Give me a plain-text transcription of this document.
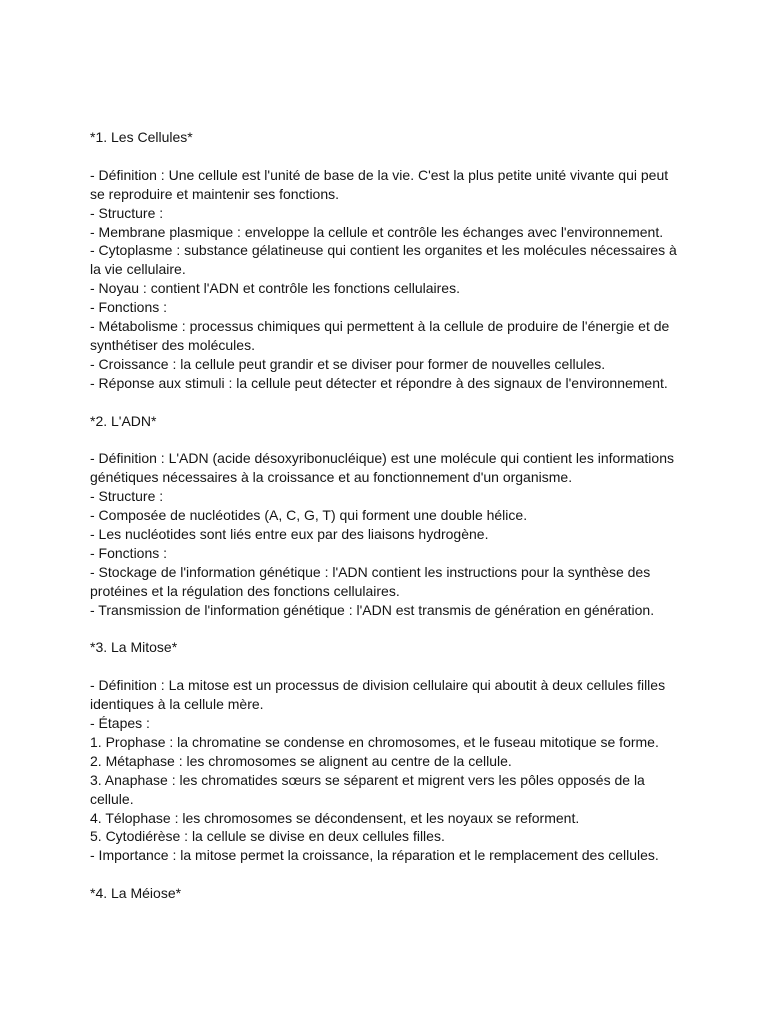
*1. Les Cellules*

- Définition : Une cellule est l'unité de base de la vie. C'est la plus petite unité vivante qui peut se reproduire et maintenir ses fonctions.

- Structure :

- Membrane plasmique : enveloppe la cellule et contrôle les échanges avec l'environnement.

- Cytoplasme : substance gélatineuse qui contient les organites et les molécules nécessaires à la vie cellulaire.

- Noyau : contient l'ADN et contrôle les fonctions cellulaires.

- Fonctions :

- Métabolisme : processus chimiques qui permettent à la cellule de produire de l'énergie et de synthétiser des molécules.

- Croissance : la cellule peut grandir et se diviser pour former de nouvelles cellules.

- Réponse aux stimuli : la cellule peut détecter et répondre à des signaux de l'environnement.

*2. L'ADN*

- Définition : L'ADN (acide désoxyribonucléique) est une molécule qui contient les informations génétiques nécessaires à la croissance et au fonctionnement d'un organisme.

- Structure :

- Composée de nucléotides (A, C, G, T) qui forment une double hélice.

- Les nucléotides sont liés entre eux par des liaisons hydrogène.

- Fonctions :

- Stockage de l'information génétique : l'ADN contient les instructions pour la synthèse des protéines et la régulation des fonctions cellulaires.

- Transmission de l'information génétique : l'ADN est transmis de génération en génération.

*3. La Mitose*

- Définition : La mitose est un processus de division cellulaire qui aboutit à deux cellules filles identiques à la cellule mère.

- Étapes :

1. Prophase : la chromatine se condense en chromosomes, et le fuseau mitotique se forme.

2. Métaphase : les chromosomes se alignent au centre de la cellule.

3. Anaphase : les chromatides sœurs se séparent et migrent vers les pôles opposés de la cellule.

4. Télophase : les chromosomes se décondensent, et les noyaux se reforment.

5. Cytodiérèse : la cellule se divise en deux cellules filles.

- Importance : la mitose permet la croissance, la réparation et le remplacement des cellules.

*4. La Méiose*
